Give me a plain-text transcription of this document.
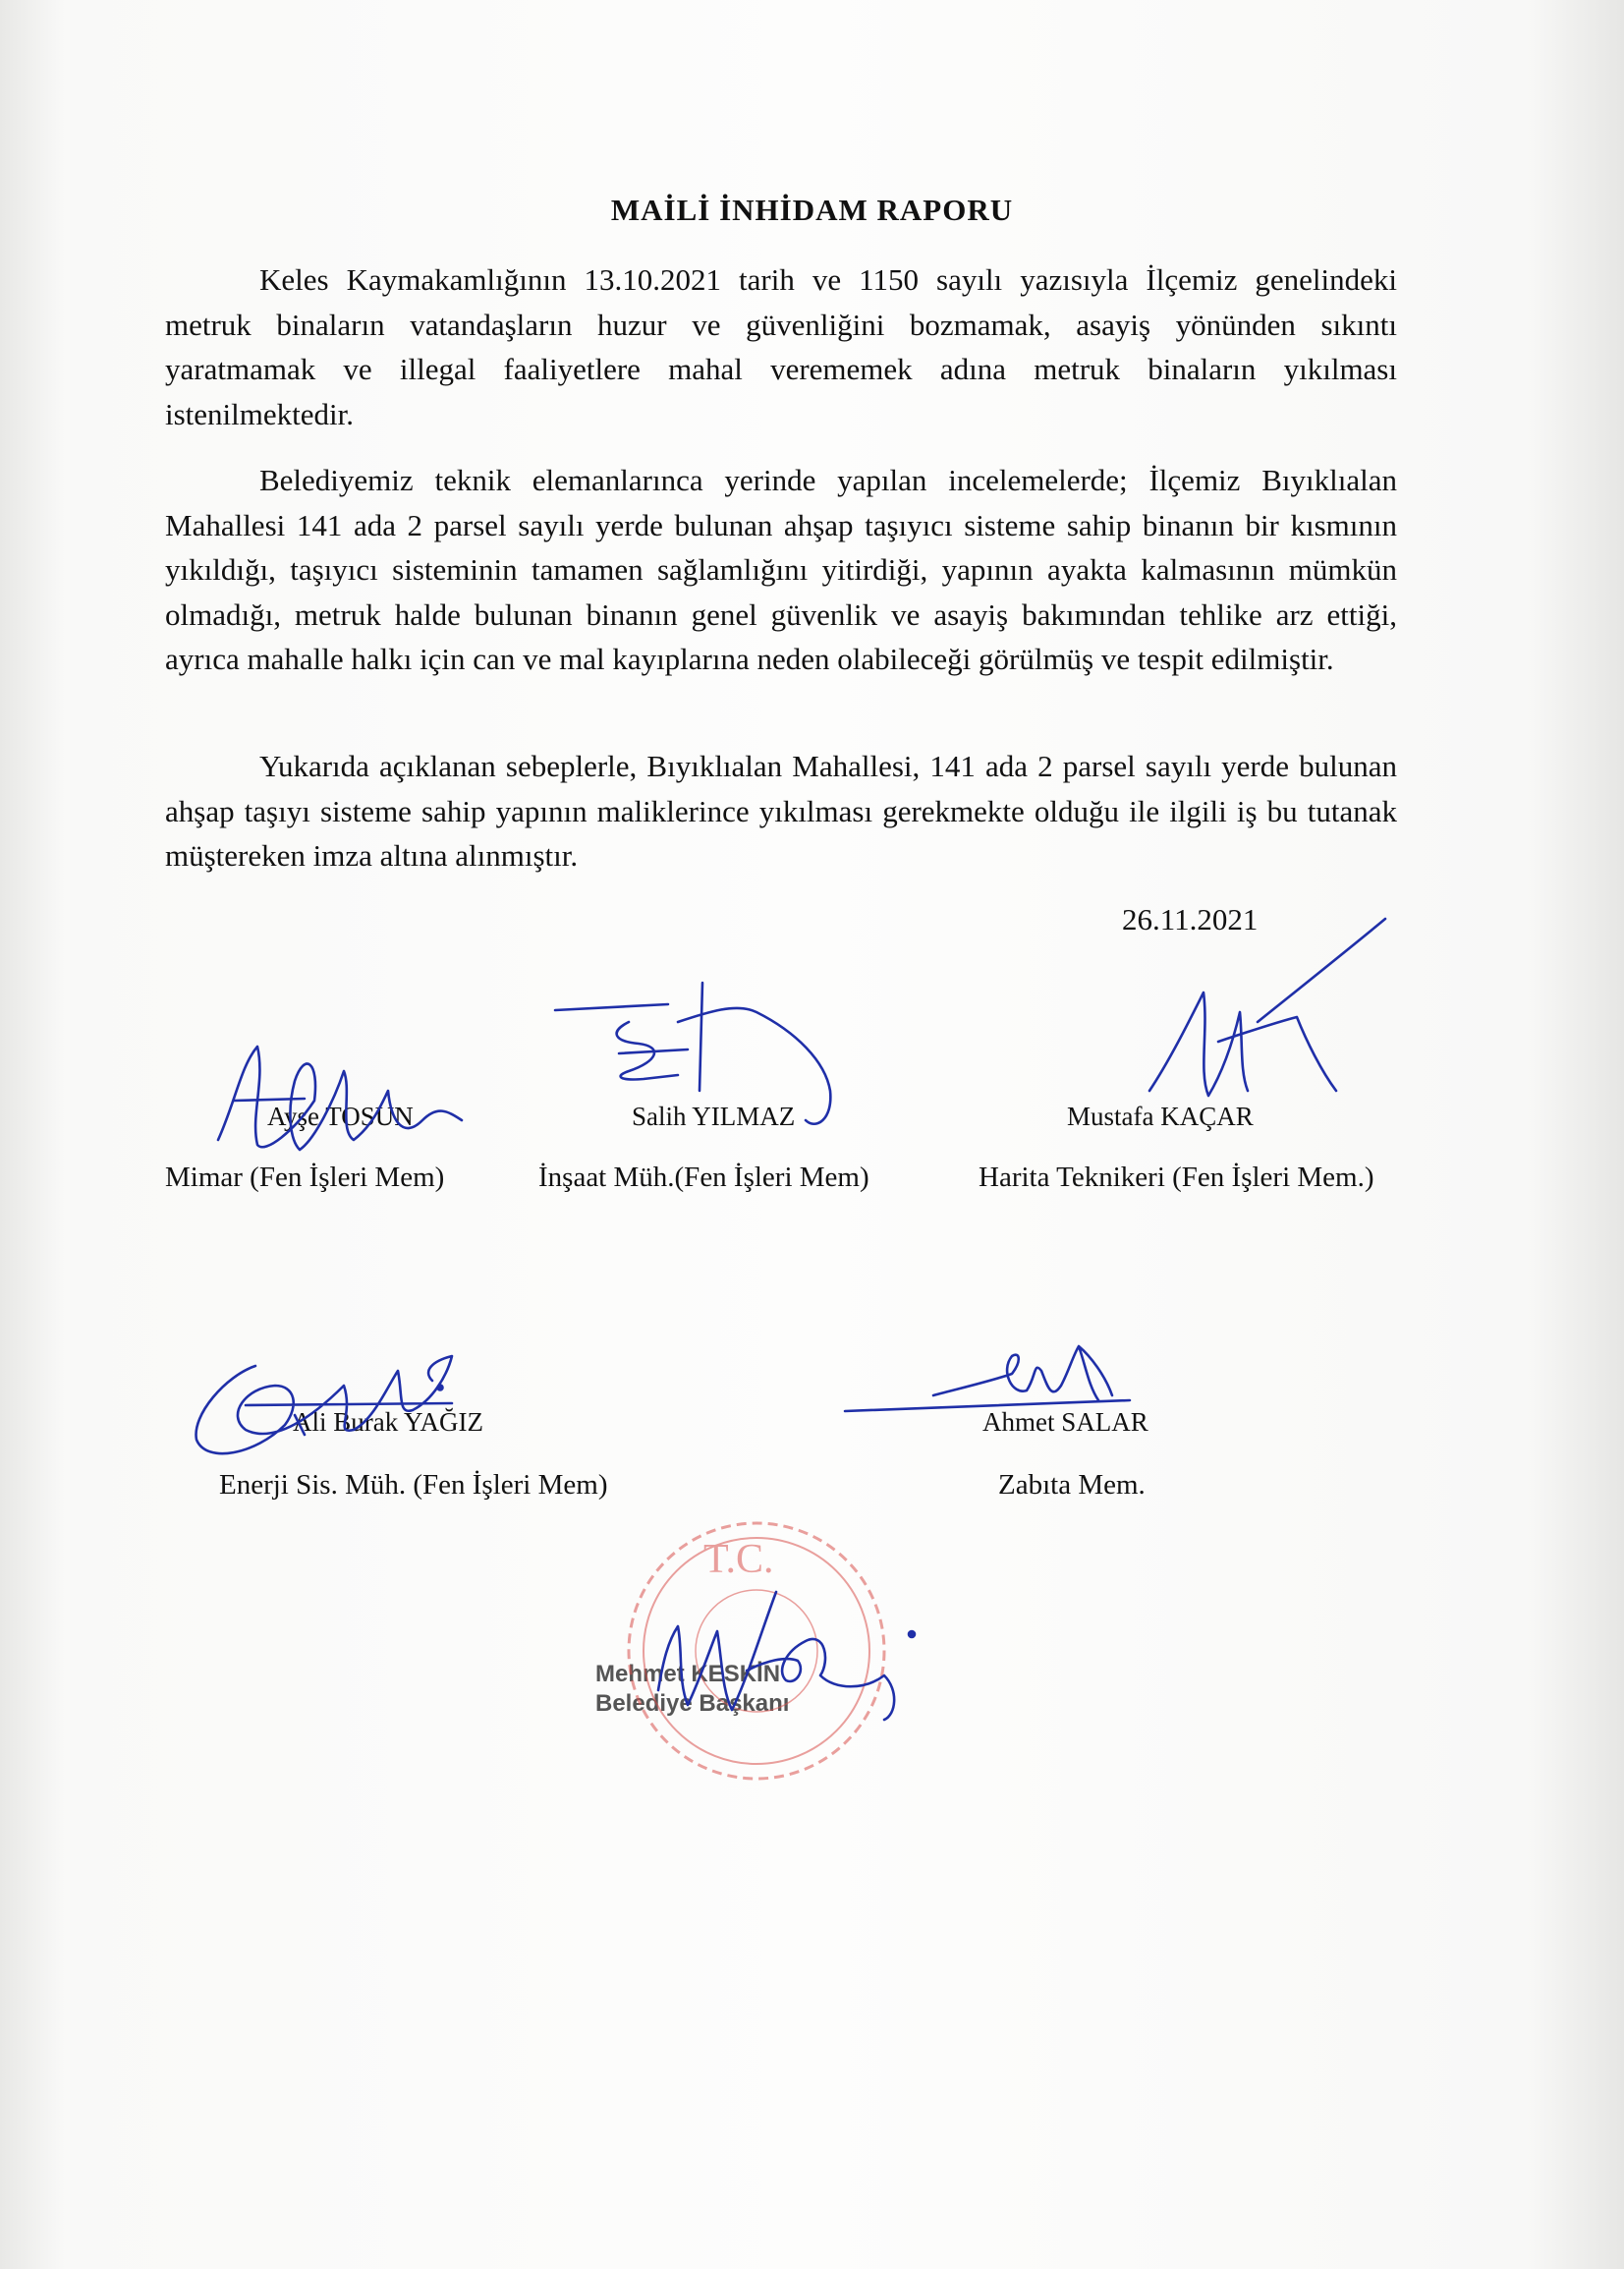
MAİLİ İNHİDAM RAPORU

Keles Kaymakamlığının 13.10.2021 tarih ve 1150 sayılı yazısıyla İlçemiz genelindeki metruk binaların vatandaşların huzur ve güvenliğini bozmamak, asayiş yönünden sıkıntı yaratmamak ve illegal faaliyetlere mahal verememek adına metruk binaların yıkılması istenilmektedir.

Belediyemiz teknik elemanlarınca yerinde yapılan incelemelerde; İlçemiz Bıyıklıalan Mahallesi 141 ada 2 parsel sayılı yerde bulunan ahşap taşıyıcı sisteme sahip binanın bir kısmının yıkıldığı, taşıyıcı sisteminin tamamen sağlamlığını yitirdiği, yapının ayakta kalmasının mümkün olmadığı, metruk halde bulunan binanın genel güvenlik ve asayiş bakımından tehlike arz ettiği, ayrıca mahalle halkı için can ve mal kayıplarına neden olabileceği görülmüş ve tespit edilmiştir.

Yukarıda açıklanan sebeplerle, Bıyıklıalan Mahallesi, 141 ada 2 parsel sayılı yerde bulunan ahşap taşıyı sisteme sahip yapının maliklerince yıkılması gerekmekte olduğu ile ilgili iş bu tutanak müştereken imza altına alınmıştır.

26.11.2021
Ayşe TOSUN
Mimar (Fen İşleri Mem)
Salih YILMAZ
İnşaat Müh.(Fen İşleri Mem)
Mustafa KAÇAR
Harita Teknikeri (Fen İşleri Mem.)
Ali Burak YAĞIZ
Enerji Sis. Müh. (Fen İşleri Mem)
Ahmet SALAR
Zabıta Mem.
Mehmet KESKİN
Belediye Başkanı
T.C.
